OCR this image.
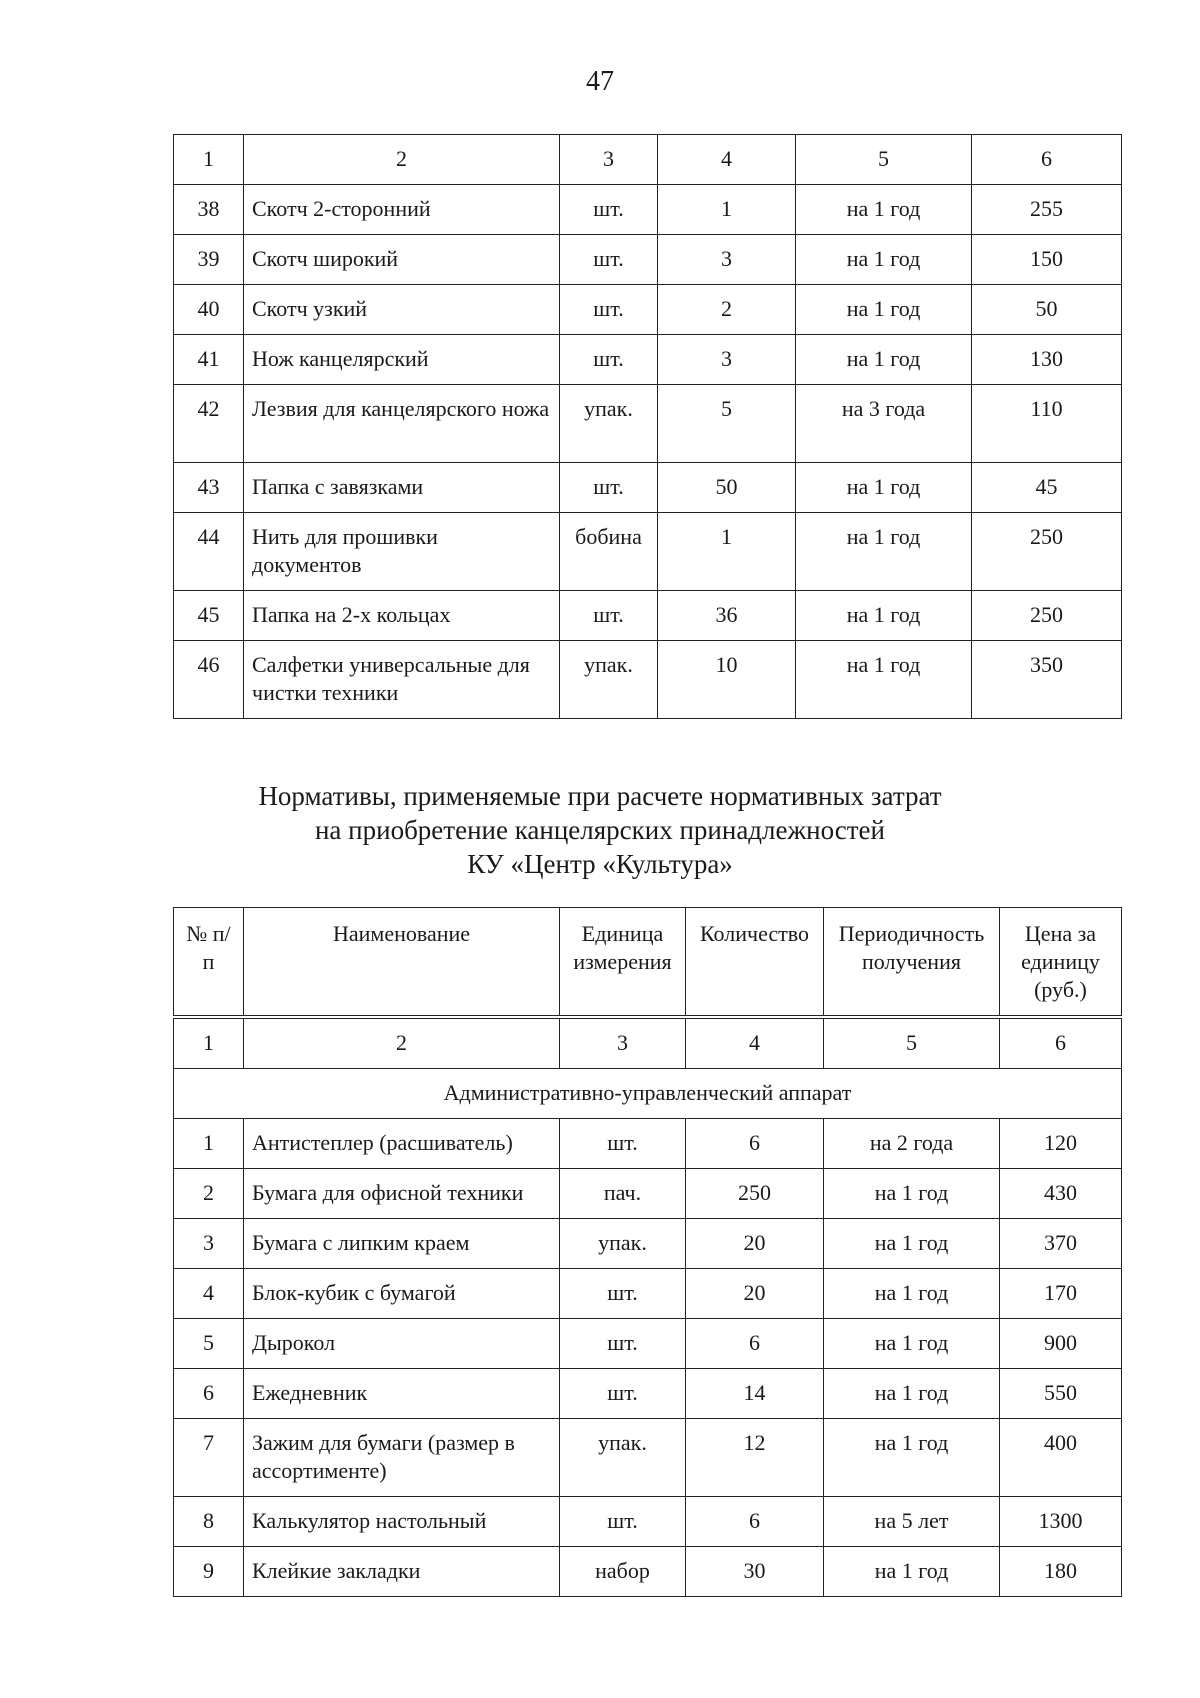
47
1	2	3	4	5	6
38	Скотч 2-сторонний	шт.	1	на 1 год	255
39	Скотч широкий	шт.	3	на 1 год	150
40	Скотч узкий	шт.	2	на 1 год	50
41	Нож канцелярский	шт.	3	на 1 год	130
42	Лезвия для канцелярского ножа	упак.	5	на 3 года	110
43	Папка с завязками	шт.	50	на 1 год	45
44	Нить для прошивки документов	бобина	1	на 1 год	250
45	Папка на 2-х кольцах	шт.	36	на 1 год	250
46	Салфетки универсальные для чистки техники	упак.	10	на 1 год	350
Нормативы, применяемые при расчете нормативных затрат
на приобретение канцелярских принадлежностей
КУ «Центр «Культура»
№ п/п	Наименование	Единица измерения	Количество	Периодичность получения	Цена за единицу (руб.)
1	2	3	4	5	6
Административно-управленческий аппарат					
1	Антистеплер (расшиватель)	шт.	6	на 2 года	120
2	Бумага для офисной техники	пач.	250	на 1 год	430
3	Бумага с липким краем	упак.	20	на 1 год	370
4	Блок-кубик с бумагой	шт.	20	на 1 год	170
5	Дырокол	шт.	6	на 1 год	900
6	Ежедневник	шт.	14	на 1 год	550
7	Зажим для бумаги (размер в ассортименте)	упак.	12	на 1 год	400
8	Калькулятор настольный	шт.	6	на 5 лет	1300
9	Клейкие закладки	набор	30	на 1 год	180
